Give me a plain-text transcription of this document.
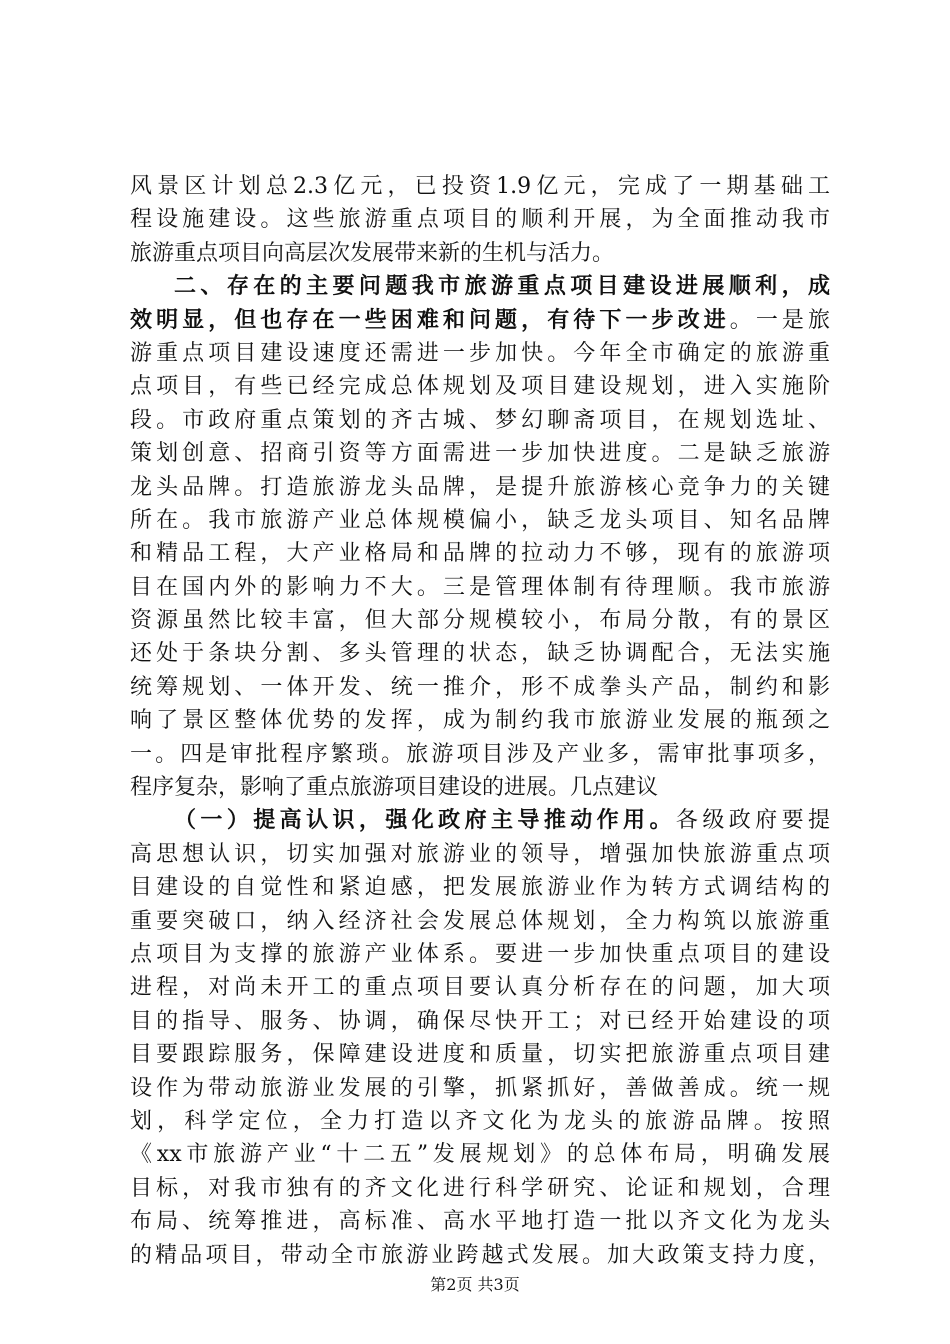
风景区计划总2.3亿元，已投资1.9亿元，完成了一期基础工
程设施建设。这些旅游重点项目的顺利开展，为全面推动我市
旅游重点项目向高层次发展带来新的生机与活力。
二、存在的主要问题我市旅游重点项目建设进展顺利，成
效明显，但也存在一些困难和问题，有待下一步改进。一是旅
游重点项目建设速度还需进一步加快。今年全市确定的旅游重
点项目，有些已经完成总体规划及项目建设规划，进入实施阶
段。市政府重点策划的齐古城、梦幻聊斋项目，在规划选址、
策划创意、招商引资等方面需进一步加快进度。二是缺乏旅游
龙头品牌。打造旅游龙头品牌，是提升旅游核心竞争力的关键
所在。我市旅游产业总体规模偏小，缺乏龙头项目、知名品牌
和精品工程，大产业格局和品牌的拉动力不够，现有的旅游项
目在国内外的影响力不大。三是管理体制有待理顺。我市旅游
资源虽然比较丰富，但大部分规模较小，布局分散，有的景区
还处于条块分割、多头管理的状态，缺乏协调配合，无法实施
统筹规划、一体开发、统一推介，形不成拳头产品，制约和影
响了景区整体优势的发挥，成为制约我市旅游业发展的瓶颈之
一。四是审批程序繁琐。旅游项目涉及产业多，需审批事项多，
程序复杂，影响了重点旅游项目建设的进展。几点建议
（一）提高认识，强化政府主导推动作用。各级政府要提
高思想认识，切实加强对旅游业的领导，增强加快旅游重点项
目建设的自觉性和紧迫感，把发展旅游业作为转方式调结构的
重要突破口，纳入经济社会发展总体规划，全力构筑以旅游重
点项目为支撑的旅游产业体系。要进一步加快重点项目的建设
进程，对尚未开工的重点项目要认真分析存在的问题，加大项
目的指导、服务、协调，确保尽快开工；对已经开始建设的项
目要跟踪服务，保障建设进度和质量，切实把旅游重点项目建
设作为带动旅游业发展的引擎，抓紧抓好，善做善成。统一规
划，科学定位，全力打造以齐文化为龙头的旅游品牌。按照
《xx市旅游产业“十二五”发展规划》的总体布局，明确发展
目标，对我市独有的齐文化进行科学研究、论证和规划，合理
布局、统筹推进，高标准、高水平地打造一批以齐文化为龙头
的精品项目，带动全市旅游业跨越式发展。加大政策支持力度，
第2页 共3页
